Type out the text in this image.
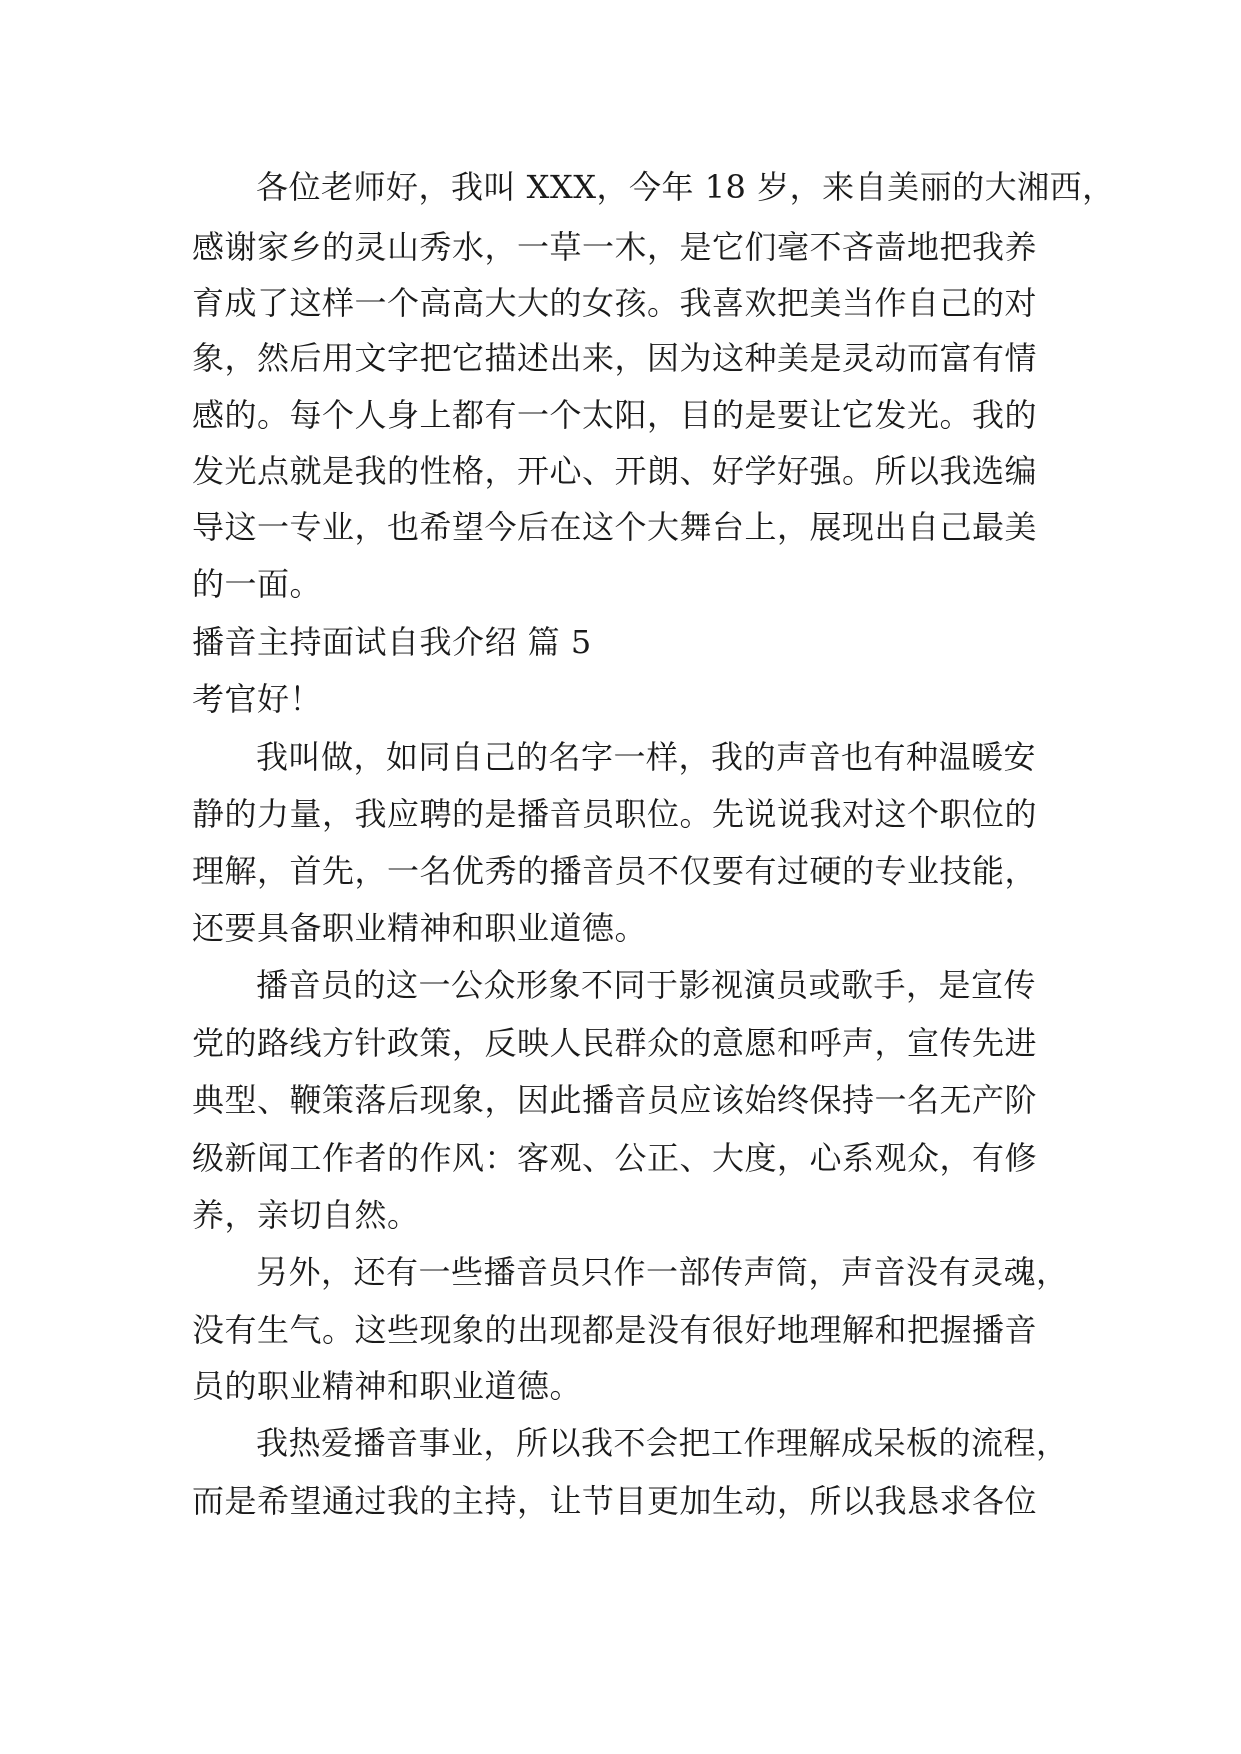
各位老师好，我叫 XXX，今年 18 岁，来自美丽的大湘西，
感谢家乡的灵山秀水，一草一木，是它们毫不吝啬地把我养
育成了这样一个高高大大的女孩。我喜欢把美当作自己的对
象，然后用文字把它描述出来，因为这种美是灵动而富有情
感的。每个人身上都有一个太阳，目的是要让它发光。我的
发光点就是我的性格，开心、开朗、好学好强。所以我选编
导这一专业，也希望今后在这个大舞台上，展现出自己最美
的一面。
播音主持面试自我介绍 篇 5
考官好！
我叫做，如同自己的名字一样，我的声音也有种温暖安
静的力量，我应聘的是播音员职位。先说说我对这个职位的
理解，首先，一名优秀的播音员不仅要有过硬的专业技能，
还要具备职业精神和职业道德。
播音员的这一公众形象不同于影视演员或歌手，是宣传
党的路线方针政策，反映人民群众的意愿和呼声，宣传先进
典型、鞭策落后现象，因此播音员应该始终保持一名无产阶
级新闻工作者的作风：客观、公正、大度，心系观众，有修
养，亲切自然。
另外，还有一些播音员只作一部传声筒，声音没有灵魂，
没有生气。这些现象的出现都是没有很好地理解和把握播音
员的职业精神和职业道德。
我热爱播音事业，所以我不会把工作理解成呆板的流程，
而是希望通过我的主持，让节目更加生动，所以我恳求各位
